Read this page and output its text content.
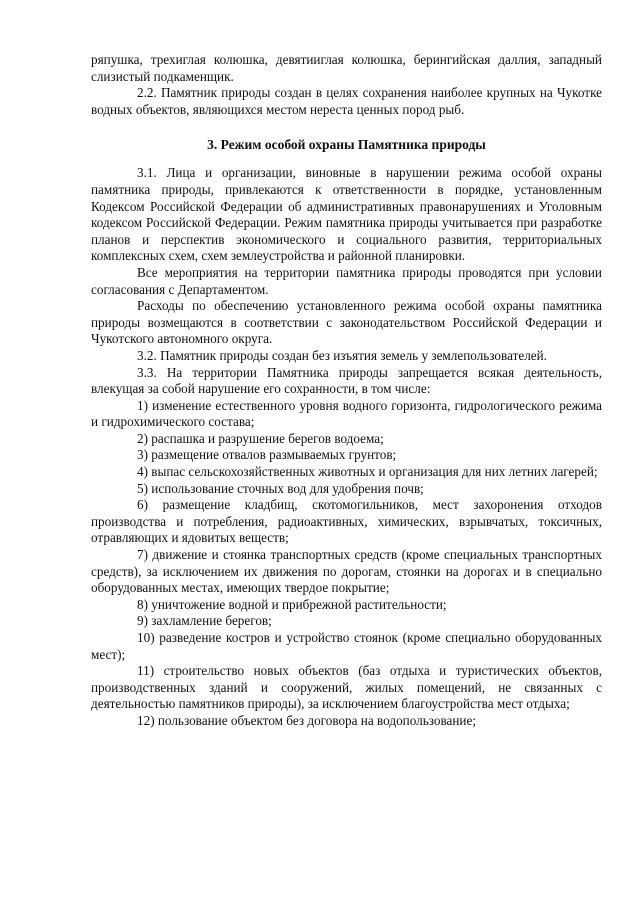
ряпушка, трехиглая колюшка, девятииглая колюшка, берингийская даллия, западный слизистый подкаменщик.

2.2. Памятник природы создан в целях сохранения наиболее крупных на Чукотке водных объектов, являющихся местом нереста ценных пород рыб.

3. Режим особой охраны Памятника природы

3.1. Лица и организации, виновные в нарушении режима особой охраны памятника природы, привлекаются к ответственности в порядке, установленным Кодексом Российской Федерации об административных правонарушениях и Уголовным кодексом Российской Федерации. Режим памятника природы учитывается при разработке планов и перспектив экономического и социального развития, территориальных комплексных схем, схем землеустройства и районной планировки.

Все мероприятия на территории памятника природы проводятся при условии согласования с Департаментом.

Расходы по обеспечению установленного режима особой охраны памятника природы возмещаются в соответствии с законодательством Российской Федерации и Чукотского автономного округа.

3.2. Памятник природы создан без изъятия земель у землепользователей.

3.3. На территории Памятника природы запрещается всякая деятельность, влекущая за собой нарушение его сохранности, в том числе:

1) изменение естественного уровня водного горизонта, гидрологического режима и гидрохимического состава;

2) распашка и разрушение берегов водоема;

3) размещение отвалов размываемых грунтов;

4) выпас сельскохозяйственных животных и организация для них летних лагерей;

5) использование сточных вод для удобрения почв;

6) размещение кладбищ, скотомогильников, мест захоронения отходов производства и потребления, радиоактивных, химических, взрывчатых, токсичных, отравляющих и ядовитых веществ;

7) движение и стоянка транспортных средств (кроме специальных транспортных средств), за исключением их движения по дорогам, стоянки на дорогах и в специально оборудованных местах, имеющих твердое покрытие;

8) уничтожение водной и прибрежной растительности;

9) захламление берегов;

10) разведение костров и устройство стоянок (кроме специально оборудованных мест);

11) строительство новых объектов (баз отдыха и туристических объектов, производственных зданий и сооружений, жилых помещений, не связанных с деятельностью памятников природы), за исключением благоустройства мест отдыха;

12) пользование объектом без договора на водопользование;
